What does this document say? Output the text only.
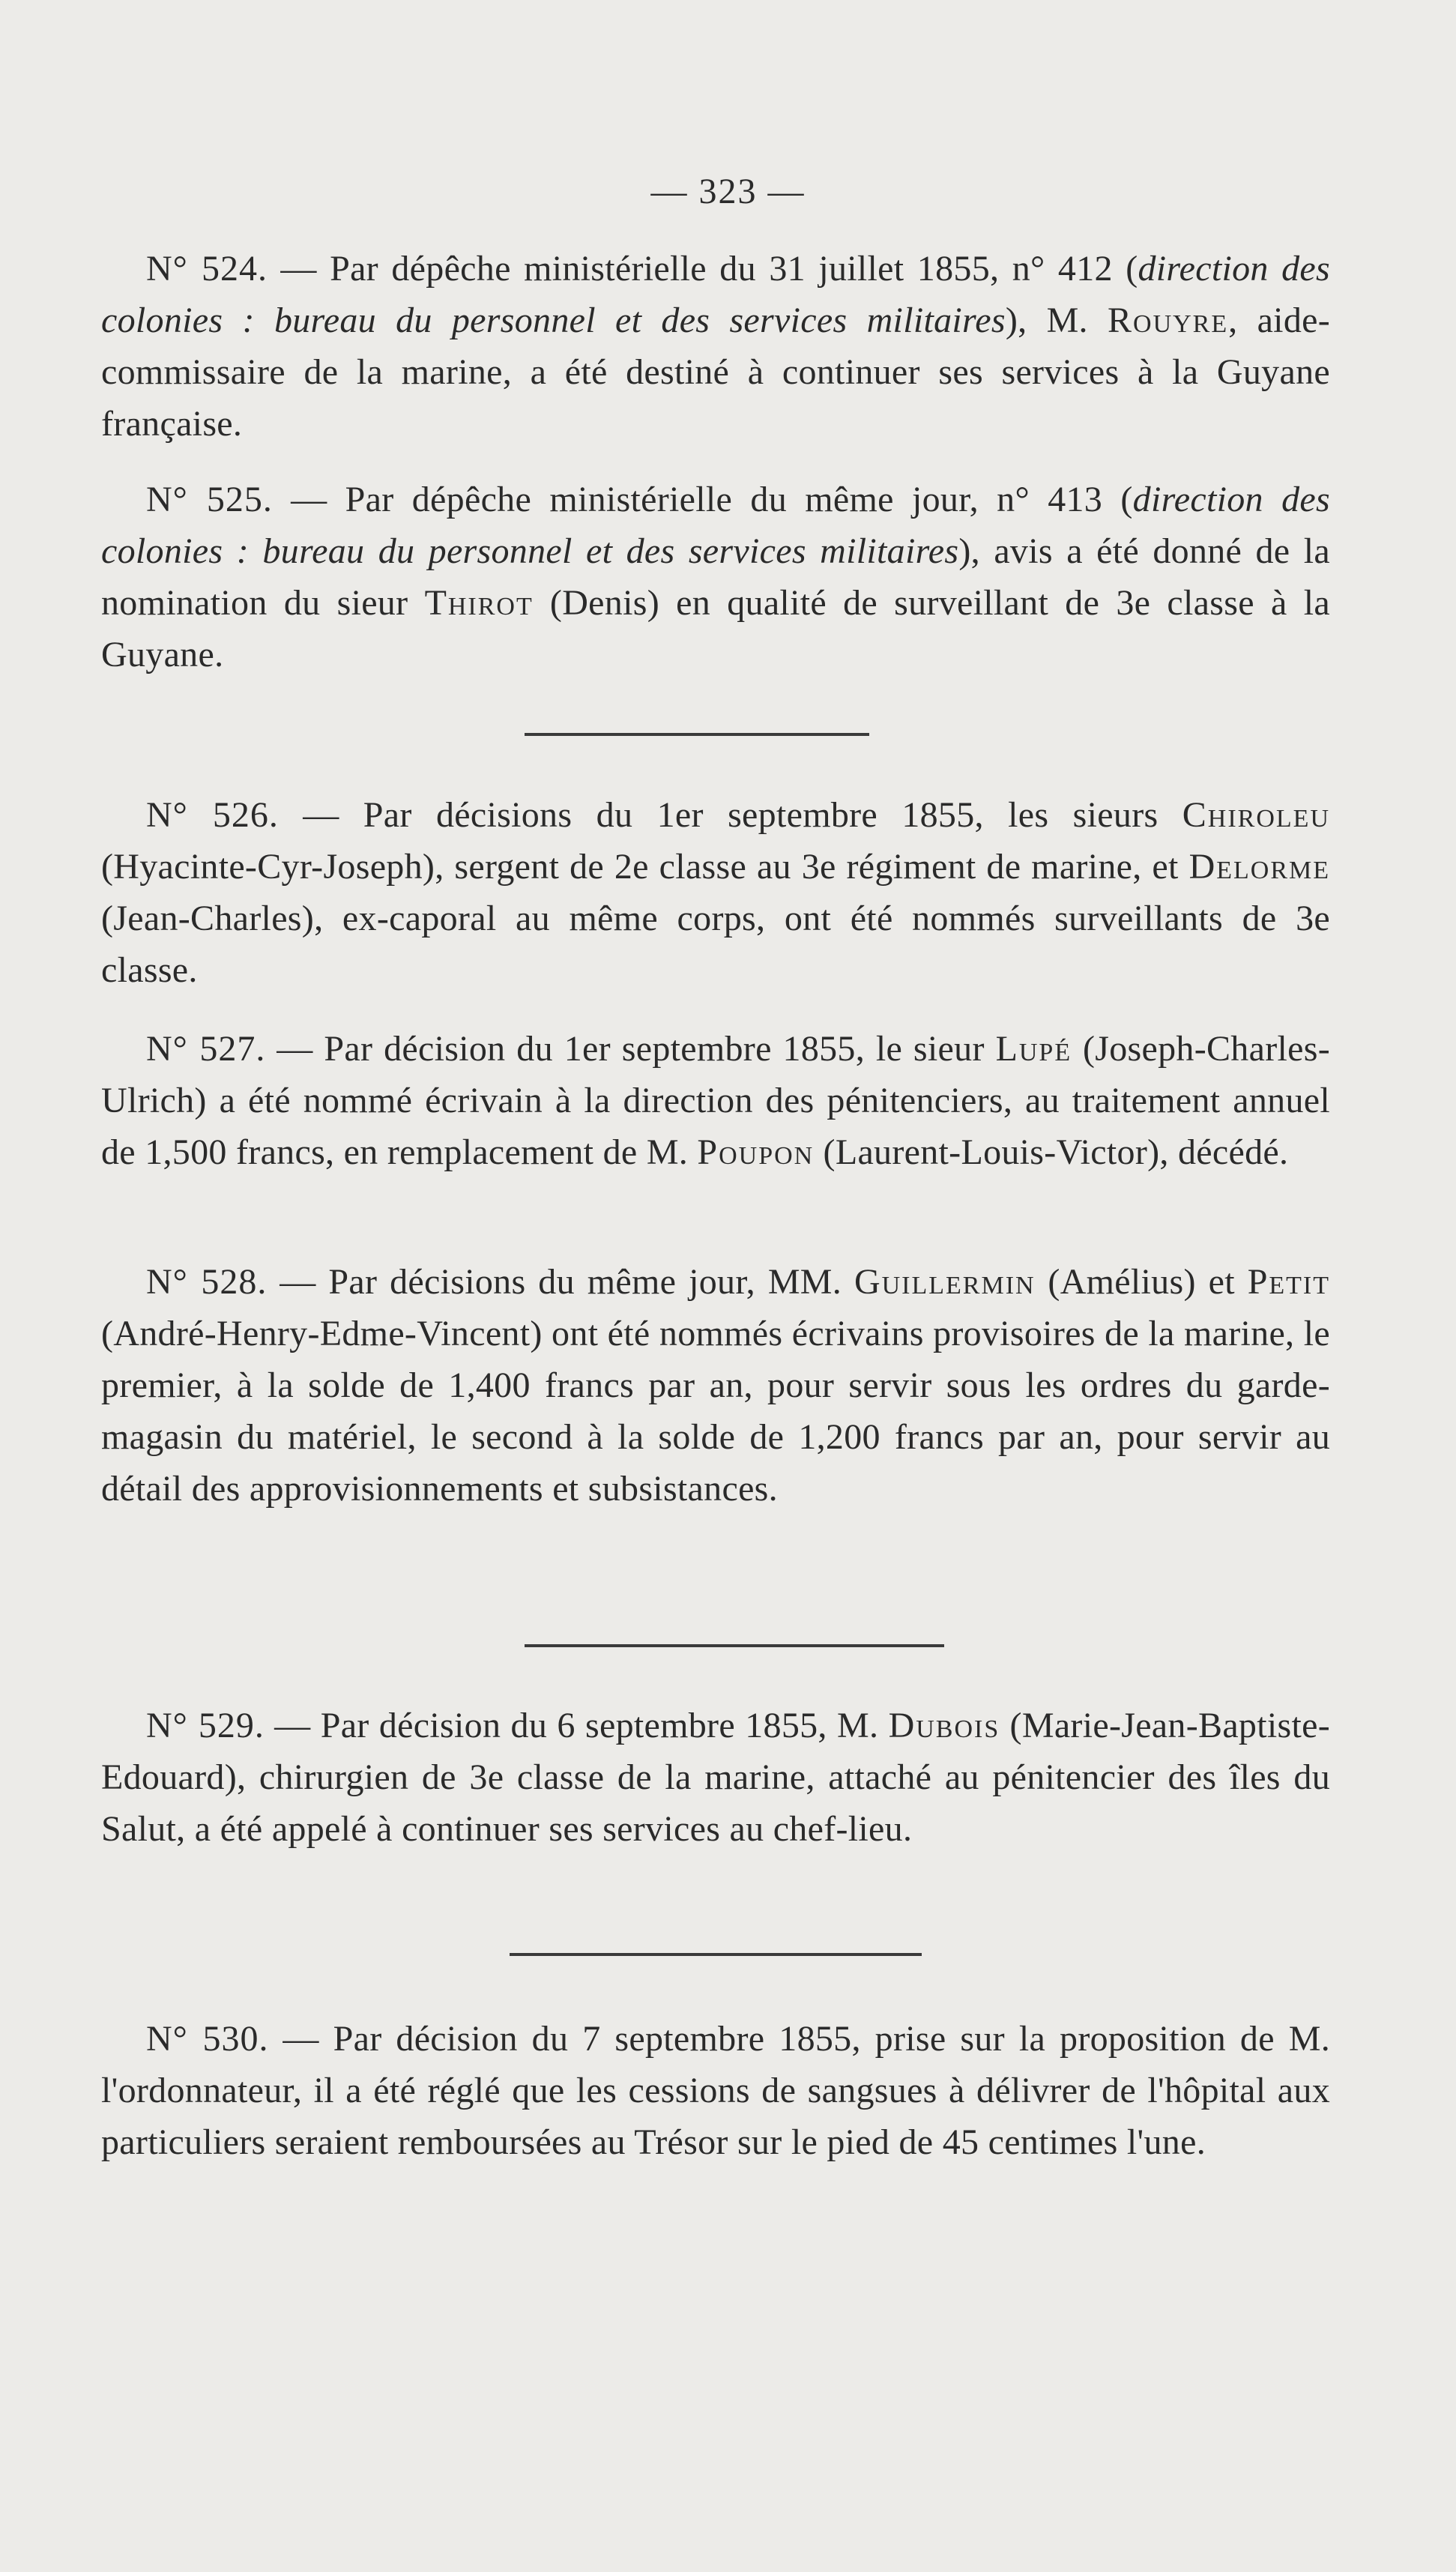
— 323 —

N° 524. — Par dépêche ministérielle du 31 juillet 1855, n° 412 (direction des colonies : bureau du personnel et des services militaires), M. Rouyre, aide-commissaire de la marine, a été destiné à continuer ses services à la Guyane française.

N° 525. — Par dépêche ministérielle du même jour, n° 413 (direction des colonies : bureau du personnel et des services militaires), avis a été donné de la nomination du sieur Thirot (Denis) en qualité de surveillant de 3e classe à la Guyane.

N° 526. — Par décisions du 1er septembre 1855, les sieurs Chiroleu (Hyacinte-Cyr-Joseph), sergent de 2e classe au 3e régiment de marine, et Delorme (Jean-Charles), ex-caporal au même corps, ont été nommés surveillants de 3e classe.

N° 527. — Par décision du 1er septembre 1855, le sieur Lupé (Joseph-Charles-Ulrich) a été nommé écrivain à la direction des pénitenciers, au traitement annuel de 1,500 francs, en remplacement de M. Poupon (Laurent-Louis-Victor), décédé.

N° 528. — Par décisions du même jour, MM. Guillermin (Amélius) et Petit (André-Henry-Edme-Vincent) ont été nommés écrivains provisoires de la marine, le premier, à la solde de 1,400 francs par an, pour servir sous les ordres du garde-magasin du matériel, le second à la solde de 1,200 francs par an, pour servir au détail des approvisionnements et subsistances.

N° 529. — Par décision du 6 septembre 1855, M. Dubois (Marie-Jean-Baptiste-Edouard), chirurgien de 3e classe de la marine, attaché au pénitencier des îles du Salut, a été appelé à continuer ses services au chef-lieu.

N° 530. — Par décision du 7 septembre 1855, prise sur la proposition de M. l'ordonnateur, il a été réglé que les cessions de sangsues à délivrer de l'hôpital aux particuliers seraient remboursées au Trésor sur le pied de 45 centimes l'une.
